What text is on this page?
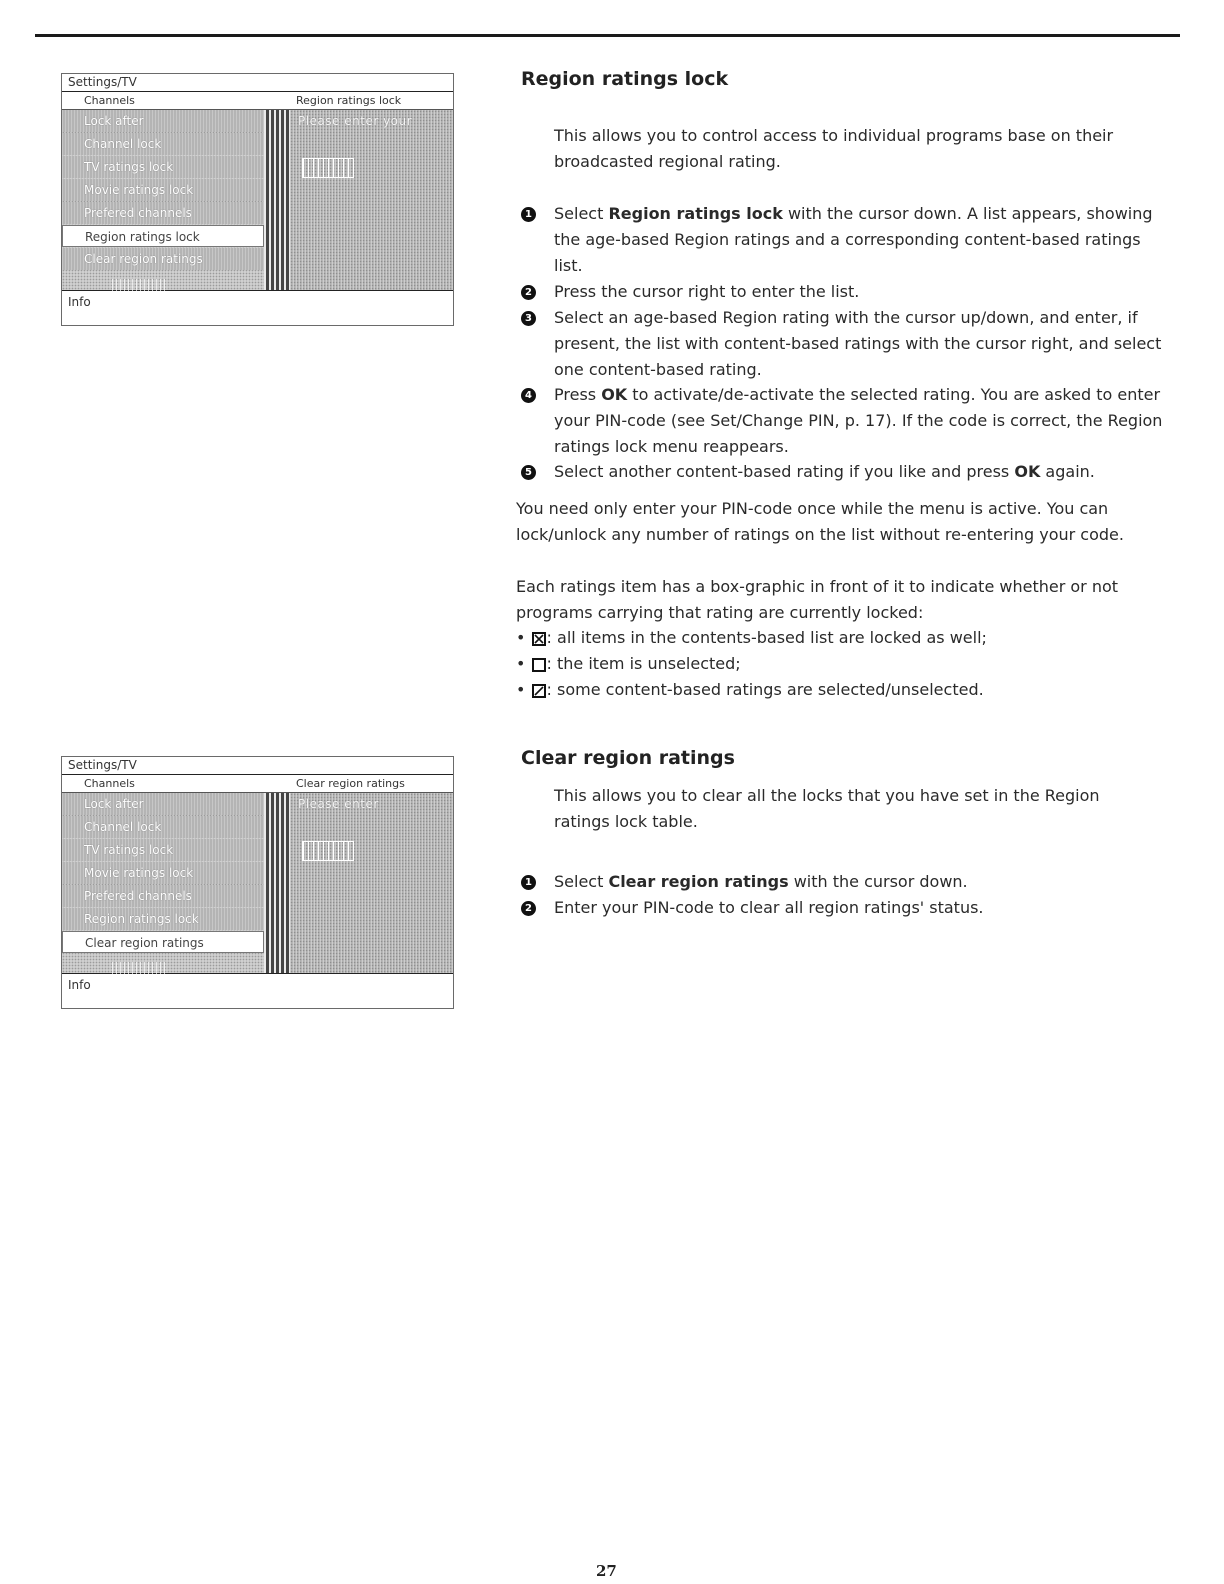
Settings/TV
Channels	Region ratings lock
Lock after
Channel lock
TV ratings lock
Movie ratings lock
Prefered channels
Region ratings lock
Clear region ratings
Please enter your
Info
Settings/TV
Channels	Clear region ratings
Lock after
Channel lock
TV ratings lock
Movie ratings lock
Prefered channels
Region ratings lock
Clear region ratings
Please enter
Info
Region ratings lock
This allows you to control access to individual programs base on their broadcasted regional rating.
1 Select Region ratings lock with the cursor down. A list appears, showing the age-based Region ratings and a corresponding content-based ratings list.
2 Press the cursor right to enter the list.
3 Select an age-based Region rating with the cursor up/down, and enter, if present, the list with content-based ratings with the cursor right, and select one content-based rating.
4 Press OK to activate/de-activate the selected rating. You are asked to enter your PIN-code (see Set/Change PIN, p. 17). If the code is correct, the Region ratings lock menu reappears.
5 Select another content-based rating if you like and press OK again.
You need only enter your PIN-code once while the menu is active. You can lock/unlock any number of ratings on the list without re-entering your code.
Each ratings item has a box-graphic in front of it to indicate whether or not programs carrying that rating are currently locked:
•
: all items in the contents-based list are locked as well;
• : the item is unselected;
•
: some content-based ratings are selected/unselected.
Clear region ratings
This allows you to clear all the locks that you have set in the Region ratings lock table.
1 Select Clear region ratings with the cursor down.
2 Enter your PIN-code to clear all region ratings' status.
27
